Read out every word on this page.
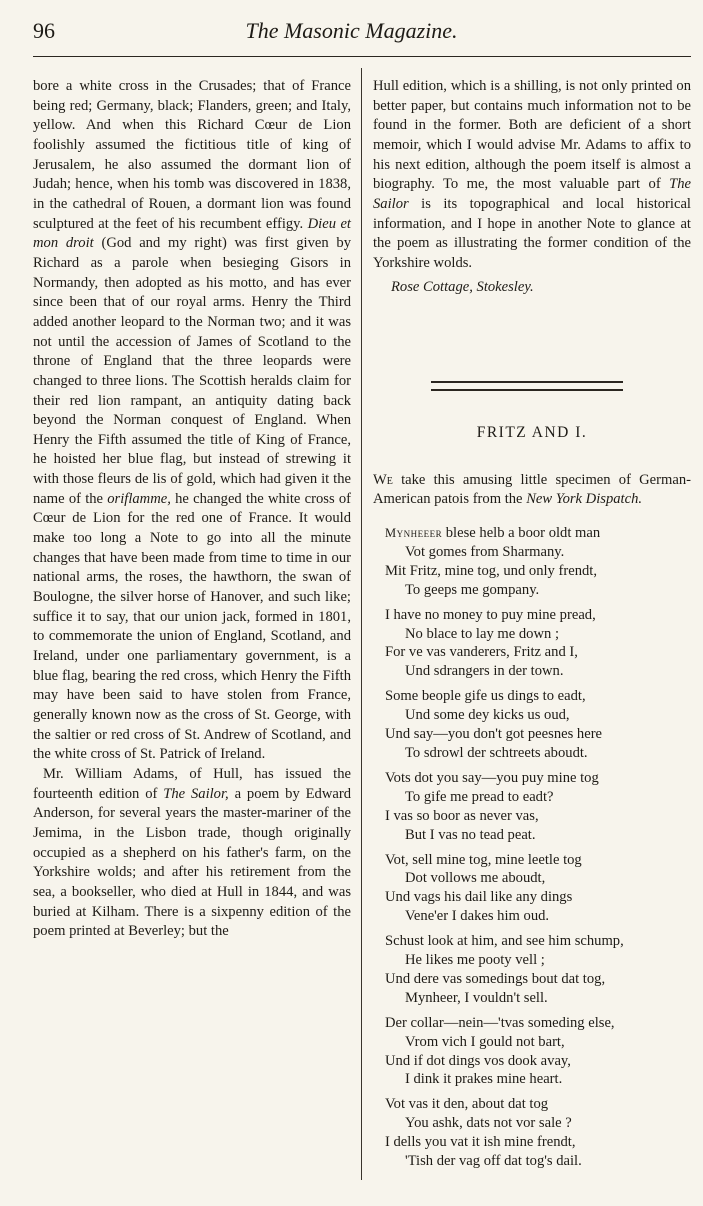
96	The Masonic Magazine.

bore a white cross in the Crusades; that of France being red; Germany, black; Flanders, green; and Italy, yellow. And when this Richard Cœur de Lion foolishly assumed the fictitious title of king of Jerusalem, he also assumed the dormant lion of Judah; hence, when his tomb was discovered in 1838, in the cathedral of Rouen, a dormant lion was found sculptured at the feet of his recumbent effigy. Dieu et mon droit (God and my right) was first given by Richard as a parole when besieging Gisors in Normandy, then adopted as his motto, and has ever since been that of our royal arms. Henry the Third added another leopard to the Norman two; and it was not until the accession of James of Scotland to the throne of England that the three leopards were changed to three lions. The Scottish heralds claim for their red lion rampant, an antiquity dating back beyond the Norman conquest of England. When Henry the Fifth assumed the title of King of France, he hoisted her blue flag, but instead of strewing it with those fleurs de lis of gold, which had given it the name of the oriflamme, he changed the white cross of Cœur de Lion for the red one of France. It would make too long a Note to go into all the minute changes that have been made from time to time in our national arms, the roses, the hawthorn, the swan of Boulogne, the silver horse of Hanover, and such like; suffice it to say, that our union jack, formed in 1801, to commemorate the union of England, Scotland, and Ireland, under one parliamentary government, is a blue flag, bearing the red cross, which Henry the Fifth may have been said to have stolen from France, generally known now as the cross of St. George, with the saltier or red cross of St. Andrew of Scotland, and the white cross of St. Patrick of Ireland.

Mr. William Adams, of Hull, has issued the fourteenth edition of The Sailor, a poem by Edward Anderson, for several years the master-mariner of the Jemima, in the Lisbon trade, though originally occupied as a shepherd on his father's farm, on the Yorkshire wolds; and after his retirement from the sea, a bookseller, who died at Hull in 1844, and was buried at Kilham. There is a sixpenny edition of the poem printed at Beverley; but the

Hull edition, which is a shilling, is not only printed on better paper, but contains much information not to be found in the former. Both are deficient of a short memoir, which I would advise Mr. Adams to affix to his next edition, although the poem itself is almost a biography. To me, the most valuable part of The Sailor is its topographical and local historical information, and I hope in another Note to glance at the poem as illustrating the former condition of the Yorkshire wolds.

Rose Cottage, Stokesley.

FRITZ AND I.

We take this amusing little specimen of German-American patois from the New York Dispatch.

Mynheeer blese helb a boor oldt man
Vot gomes from Sharmany.
Mit Fritz, mine tog, und only frendt,
To geeps me gompany.
I have no money to puy mine pread,
No blace to lay me down ;
For ve vas vanderers, Fritz and I,
Und sdrangers in der town.
Some beople gife us dings to eadt,
Und some dey kicks us oud,
Und say—you don't got peesnes here
To sdrowl der schtreets aboudt.
Vots dot you say—you puy mine tog
To gife me pread to eadt?
I vas so boor as never vas,
But I vas no tead peat.
Vot, sell mine tog, mine leetle tog
Dot vollows me aboudt,
Und vags his dail like any dings
Vene'er I dakes him oud.
Schust look at him, and see him schump,
He likes me pooty vell ;
Und dere vas somedings bout dat tog,
Mynheer, I vouldn't sell.
Der collar—nein—'tvas someding else,
Vrom vich I gould not bart,
Und if dot dings vos dook avay,
I dink it prakes mine heart.
Vot vas it den, about dat tog
You ashk, dats not vor sale ?
I dells you vat it ish mine frendt,
'Tish der vag off dat tog's dail.
